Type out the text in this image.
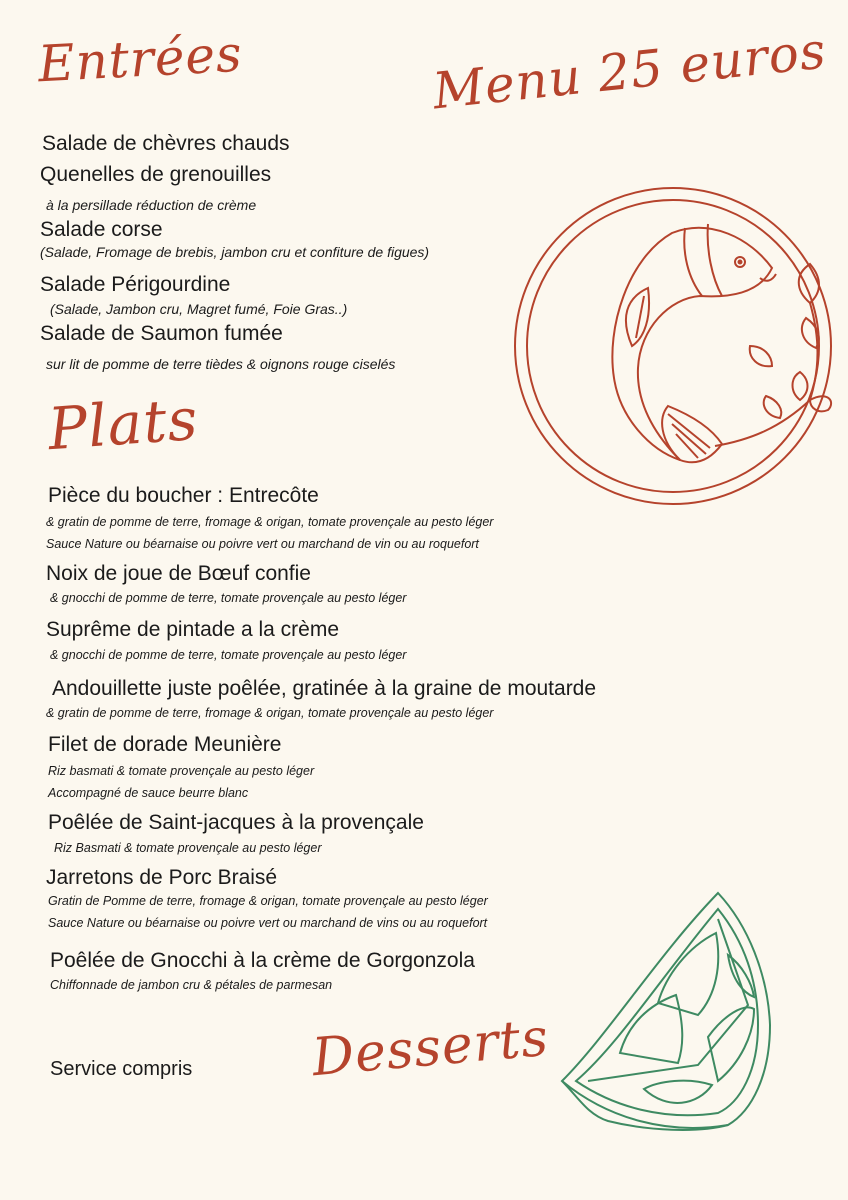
Entrées	Menu 25 euros
Plats
Desserts
Salade de chèvres chauds
Quenelles de grenouilles
à la persillade réduction de crème
Salade corse
(Salade, Fromage de brebis, jambon cru et confiture de figues)
Salade Périgourdine
(Salade, Jambon cru, Magret fumé, Foie Gras..)
Salade de Saumon fumée
sur lit de pomme de terre tièdes & oignons rouge ciselés
Pièce du boucher : Entrecôte
& gratin de pomme de terre, fromage & origan, tomate provençale au pesto léger
Sauce Nature ou béarnaise ou poivre vert ou marchand de vin ou au roquefort
Noix de joue de Bœuf confie
& gnocchi de pomme de terre, tomate provençale au pesto léger
Suprême de pintade a la crème
& gnocchi de pomme de terre, tomate provençale au pesto léger
Andouillette juste poêlée, gratinée à la graine de moutarde
& gratin de pomme de terre, fromage & origan, tomate provençale au pesto léger
Filet de dorade Meunière
Riz basmati & tomate provençale au pesto léger
Accompagné de sauce beurre blanc
Poêlée de Saint-jacques à la provençale
Riz Basmati & tomate provençale au pesto léger
Jarretons de Porc Braisé
Gratin de Pomme de terre, fromage & origan, tomate provençale au pesto léger
Sauce Nature ou béarnaise ou poivre vert ou marchand de vins ou au roquefort
Poêlée de Gnocchi à la crème de Gorgonzola
Chiffonnade de jambon cru & pétales de parmesan
Service compris
